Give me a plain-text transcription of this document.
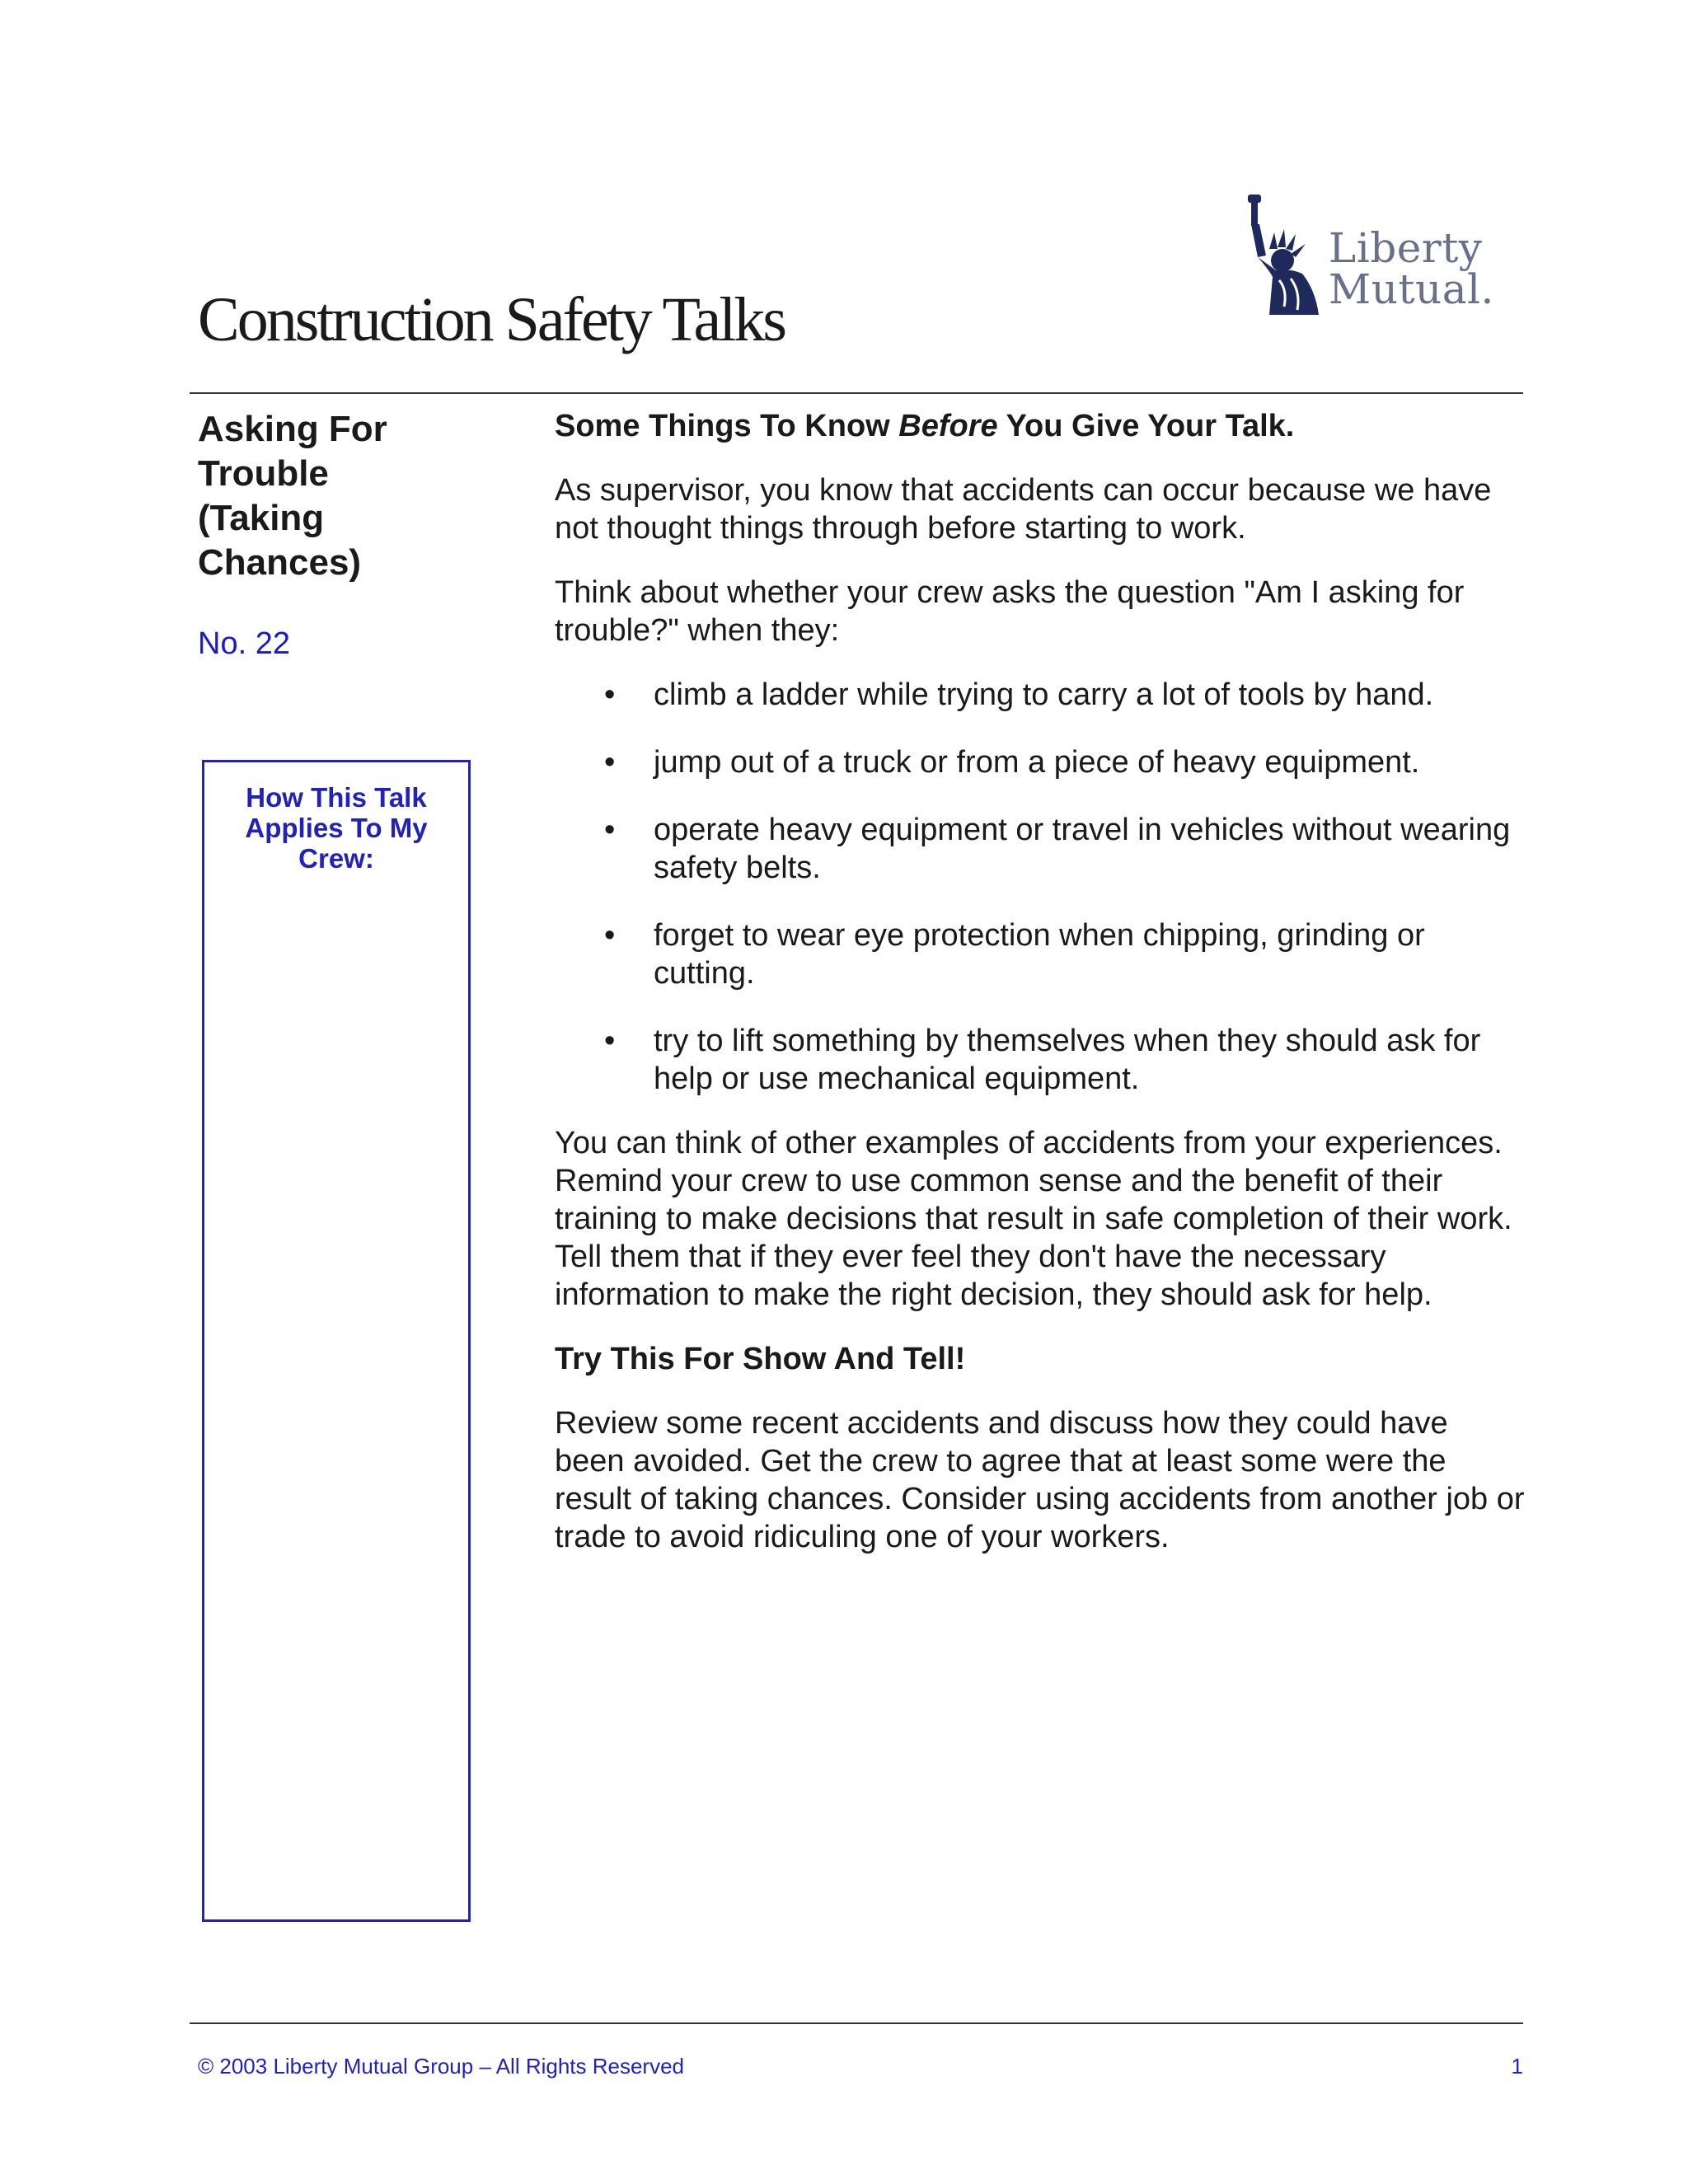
Liberty
Mutual.
Construction Safety Talks
Asking For Trouble (Taking Chances)
No. 22
How This Talk Applies To My Crew:
Some Things To Know Before You Give Your Talk.

As supervisor, you know that accidents can occur because we have not thought things through before starting to work.

Think about whether your crew asks the question "Am I asking for trouble?" when they:

• climb a ladder while trying to carry a lot of tools by hand.
• jump out of a truck or from a piece of heavy equipment.
• operate heavy equipment or travel in vehicles without wearing safety belts.
• forget to wear eye protection when chipping, grinding or cutting.
• try to lift something by themselves when they should ask for help or use mechanical equipment.

You can think of other examples of accidents from your experiences. Remind your crew to use common sense and the benefit of their training to make decisions that result in safe completion of their work. Tell them that if they ever feel they don't have the necessary information to make the right decision, they should ask for help.

Try This For Show And Tell!

Review some recent accidents and discuss how they could have been avoided. Get the crew to agree that at least some were the result of taking chances. Consider using accidents from another job or trade to avoid ridiculing one of your workers.

© 2003 Liberty Mutual Group – All Rights Reserved	1
